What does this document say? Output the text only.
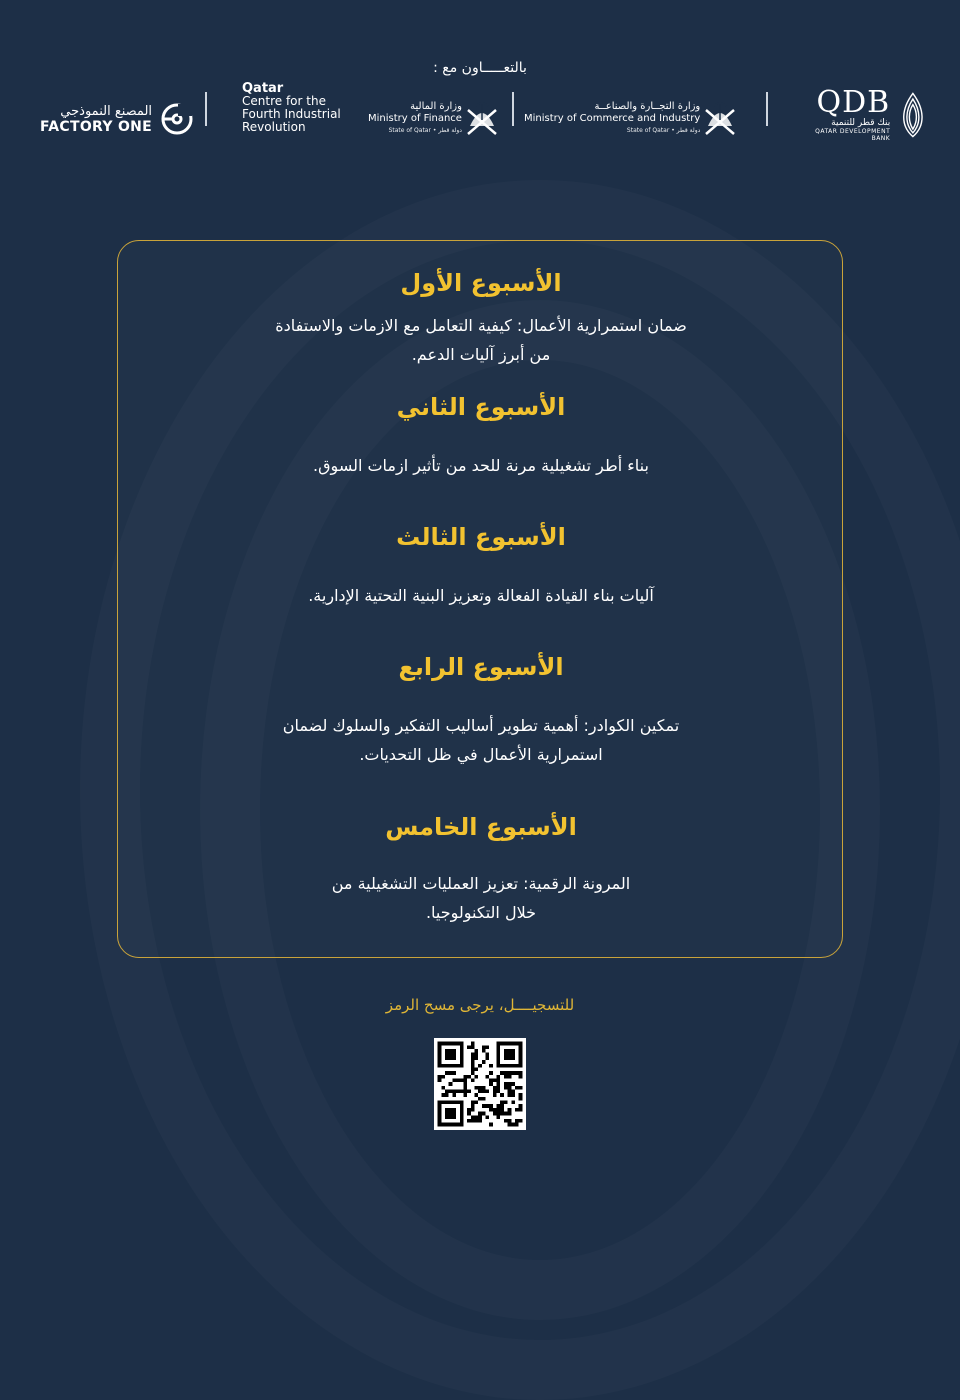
بالتعـــــاون مع :
المصنع النموذجي
FACTORY ONE
Qatar
Centre for the
Fourth Industrial
Revolution
وزارة المالية
Ministry of Finance
State of Qatar • دولة قطر
وزارة التجــارة والصناعــة
Ministry of Commerce and Industry
State of Qatar • دولة قطر
QDB
بنك قطر للتنمية
QATAR DEVELOPMENT BANK
الأسبوع الأول

ضمان استمرارية الأعمال: كيفية التعامل مع الازمات والاستفادة من أبرز آليات الدعم.

الأسبوع الثاني

بناء أطر تشغيلية مرنة للحد من تأثير ازمات السوق.

الأسبوع الثالث

آليات بناء القيادة الفعالة وتعزيز البنية التحتية الإدارية.

الأسبوع الرابع

تمكين الكوادر: أهمية تطوير أساليب التفكير والسلوك لضمان استمرارية الأعمال في ظل التحديات.

الأسبوع الخامس

المرونة الرقمية: تعزيز العمليات التشغيلية من خلال التكنولوجيا.

للتسجيــــل، يرجى مسح الرمز
